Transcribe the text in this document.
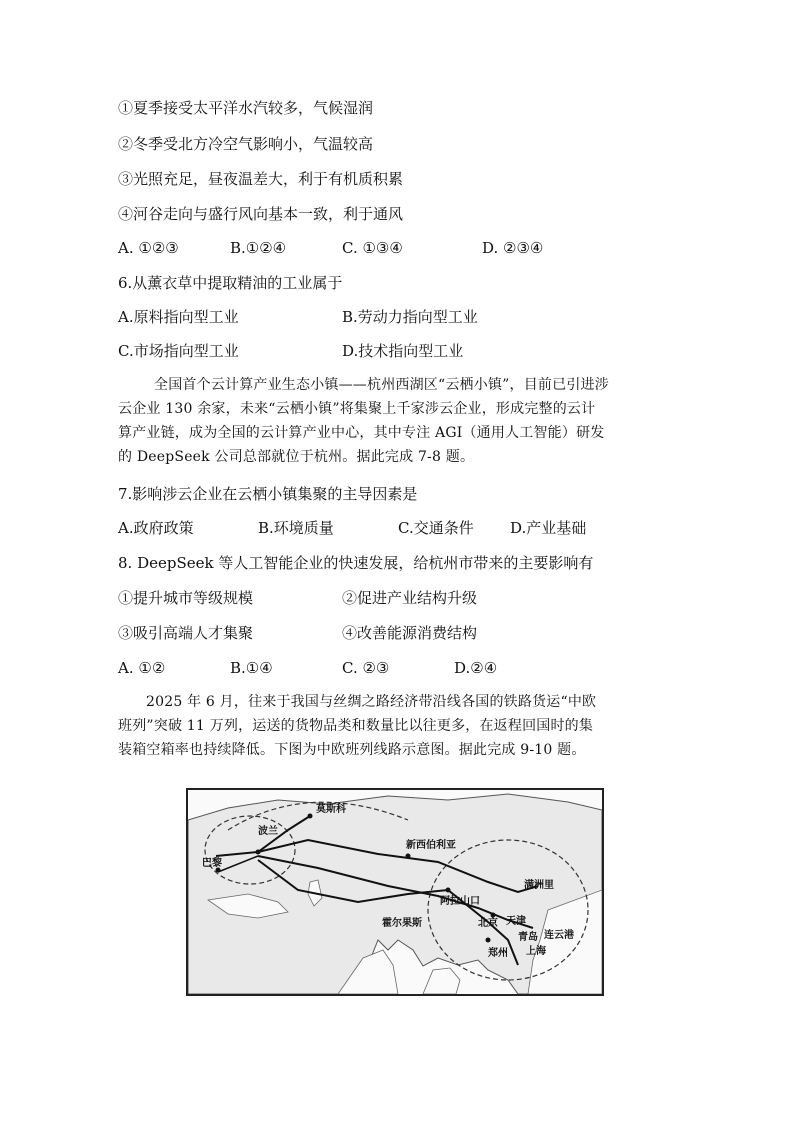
①夏季接受太平洋水汽较多，气候湿润
②冬季受北方冷空气影响小，气温较高
③光照充足，昼夜温差大，利于有机质积累
④河谷走向与盛行风向基本一致，利于通风
A. ①②③	B.①②④	C. ①③④	D. ②③④
6.从薰衣草中提取精油的工业属于
A.原料指向型工业	B.劳动力指向型工业
C.市场指向型工业	D.技术指向型工业
全国首个云计算产业生态小镇——杭州西湖区“云栖小镇”，目前已引进涉
云企业 130 余家，未来“云栖小镇”将集聚上千家涉云企业，形成完整的云计
算产业链，成为全国的云计算产业中心，其中专注 AGI（通用人工智能）研发
的 DeepSeek 公司总部就位于杭州。据此完成 7-8 题。
7.影响涉云企业在云栖小镇集聚的主导因素是
A.政府政策	B.环境质量	C.交通条件 D.产业基础
8. DeepSeek 等人工智能企业的快速发展，给杭州市带来的主要影响有
①提升城市等级规模	②促进产业结构升级
③吸引高端人才集聚	④改善能源消费结构
A. ①②	B.①④	C. ②③	D.②④
2025 年 6 月，往来于我国与丝绸之路经济带沿线各国的铁路货运“中欧
班列”突破 11 万列，运送的货物品类和数量比以往更多，在返程回国时的集
装箱空箱率也持续降低。下图为中欧班列线路示意图。据此完成 9-10 题。
波兰
莫斯科
巴黎
新西伯利亚
阿拉山口
霍尔果斯	北京 天津
青岛
郑州 上海
连云港
满洲里
